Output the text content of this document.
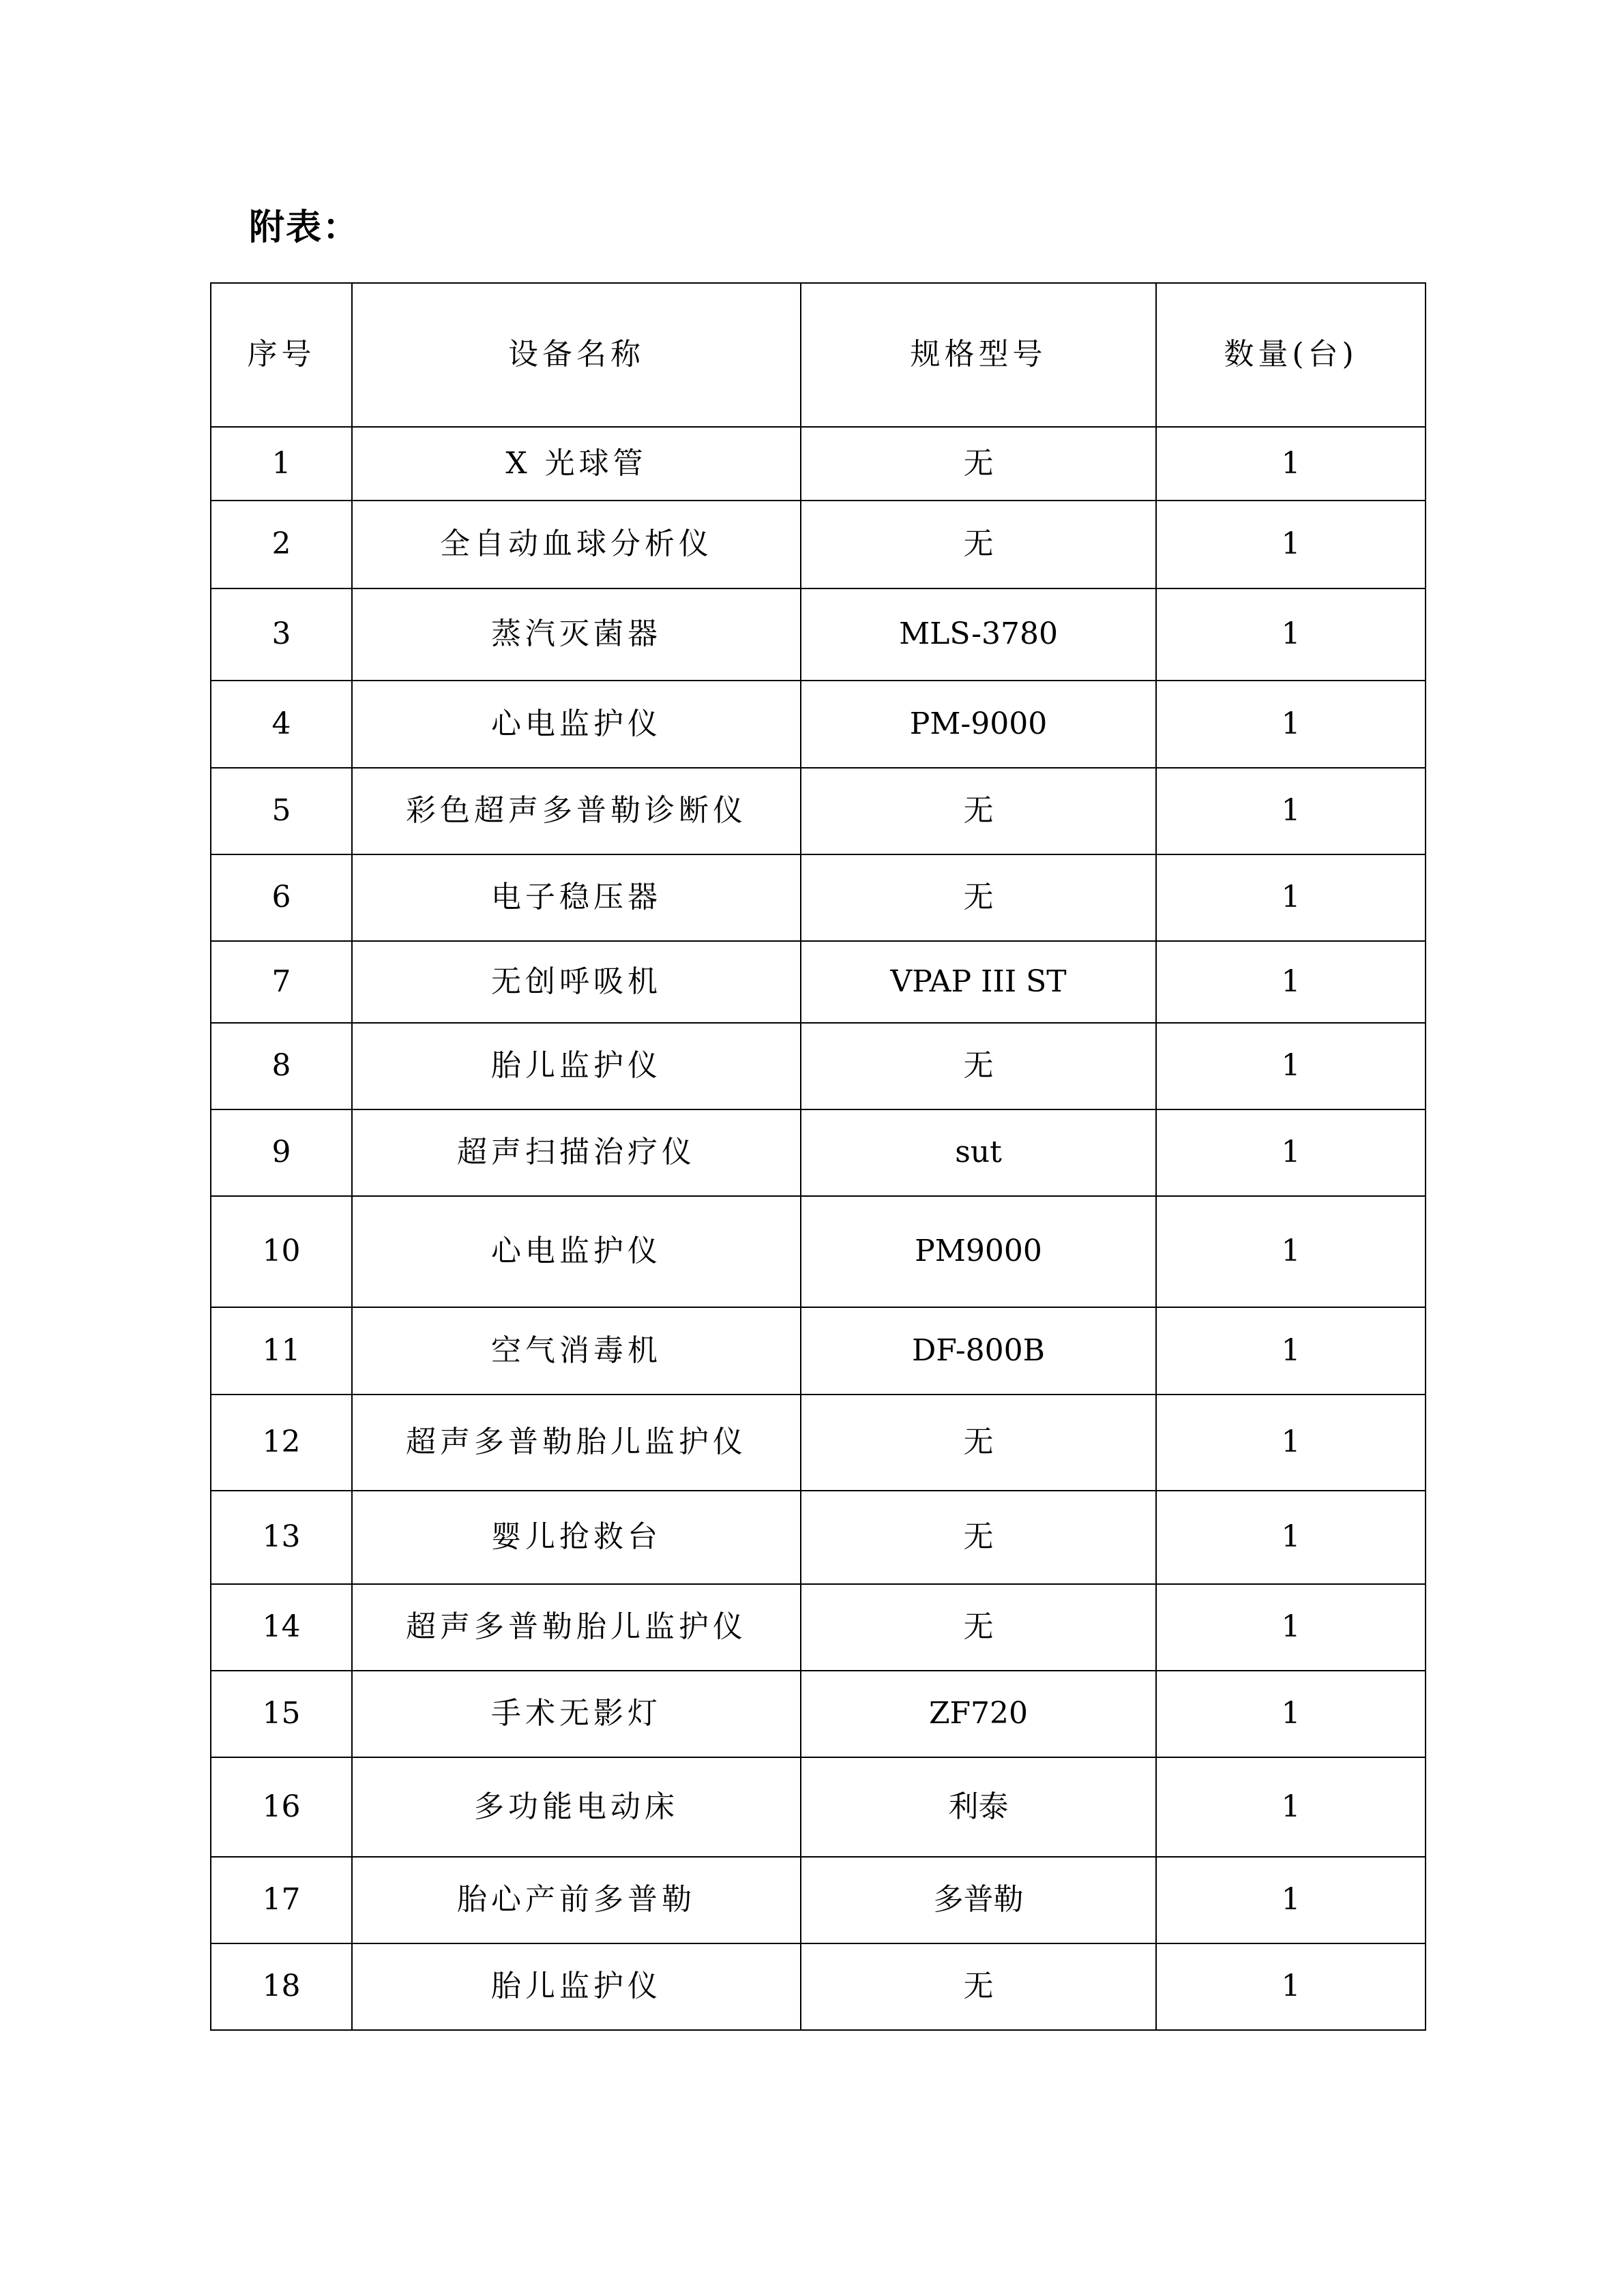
附表：
序号	设备名称	规格型号	数量(台)
1	X 光球管	无	1
2	全自动血球分析仪	无	1
3	蒸汽灭菌器	MLS-3780	1
4	心电监护仪	PM-9000	1
5	彩色超声多普勒诊断仪	无	1
6	电子稳压器	无	1
7	无创呼吸机	VPAP III ST	1
8	胎儿监护仪	无	1
9	超声扫描治疗仪	sut	1
10	心电监护仪	PM9000	1
11	空气消毒机	DF-800B	1
12	超声多普勒胎儿监护仪	无	1
13	婴儿抢救台	无	1
14	超声多普勒胎儿监护仪	无	1
15	手术无影灯	ZF720	1
16	多功能电动床	利泰	1
17	胎心产前多普勒	多普勒	1
18	胎儿监护仪	无	1
